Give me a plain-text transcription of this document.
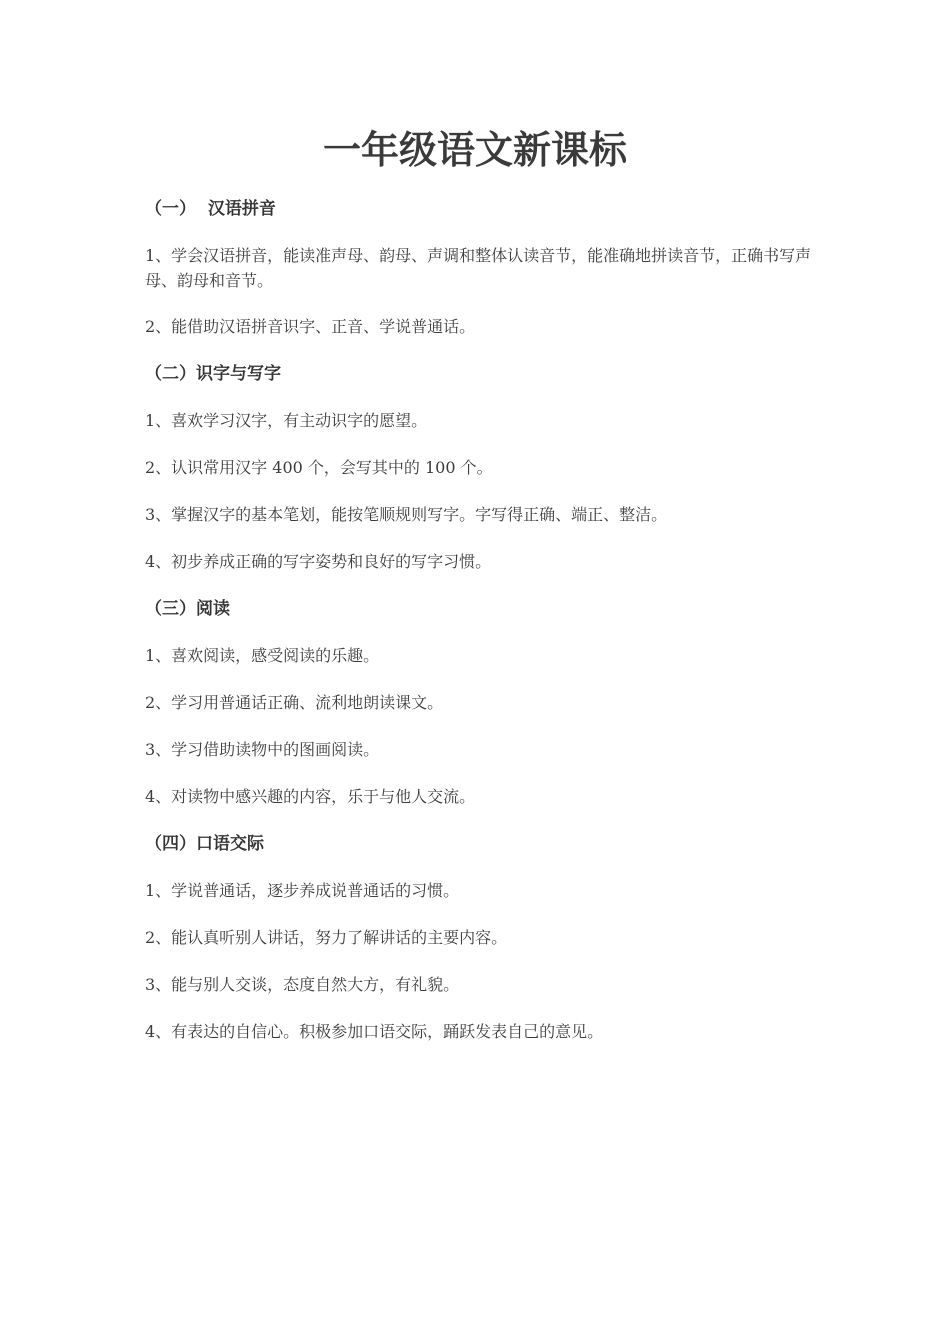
一年级语文新课标

（一）  汉语拼音

1、学会汉语拼音，能读准声母、韵母、声调和整体认读音节，能准确地拼读音节，正确书写声母、韵母和音节。

2、能借助汉语拼音识字、正音、学说普通话。

（二）识字与写字

1、喜欢学习汉字，有主动识字的愿望。

2、认识常用汉字 400 个，会写其中的 100 个。

3、掌握汉字的基本笔划，能按笔顺规则写字。字写得正确、端正、整洁。

4、初步养成正确的写字姿势和良好的写字习惯。

（三）阅读

1、喜欢阅读，感受阅读的乐趣。

2、学习用普通话正确、流利地朗读课文。

3、学习借助读物中的图画阅读。

4、对读物中感兴趣的内容，乐于与他人交流。

（四）口语交际

1、学说普通话，逐步养成说普通话的习惯。

2、能认真听别人讲话，努力了解讲话的主要内容。

3、能与别人交谈，态度自然大方，有礼貌。

4、有表达的自信心。积极参加口语交际，踊跃发表自己的意见。
